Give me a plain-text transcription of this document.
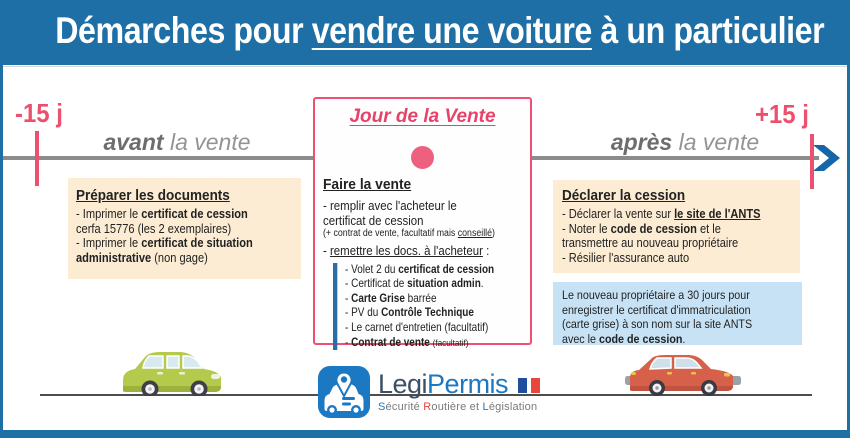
Démarches pour vendre une voiture à un particulier
-15 j	+15 j
avant la vente	après la vente
Jour de la Vente
Faire la vente
- remplir avec l'acheteur le
certificat de cession
(+ contrat de vente, facultatif mais conseillé)
- remettre les docs. à l'acheteur :
- Volet 2 du certificat de cession
- Certificat de situation admin.
- Carte Grise barrée
- PV du Contrôle Technique
- Le carnet d'entretien (facultatif)
- Contrat de vente (facultatif)
Préparer les documents
- Imprimer le certificat de cession
cerfa 15776 (les 2 exemplaires)
- Imprimer le certificat de situation
administrative (non gage)
Déclarer la cession
- Déclarer la vente sur le site de l'ANTS
- Noter le code de cession et le
transmettre au nouveau propriétaire
- Résilier l'assurance auto
Le nouveau propriétaire a 30 jours pour
enregistrer le certificat d'immatriculation
(carte grise) à son nom sur la site ANTS
avec le code de cession.
LegiPermis
Sécurité Routière et Législation
